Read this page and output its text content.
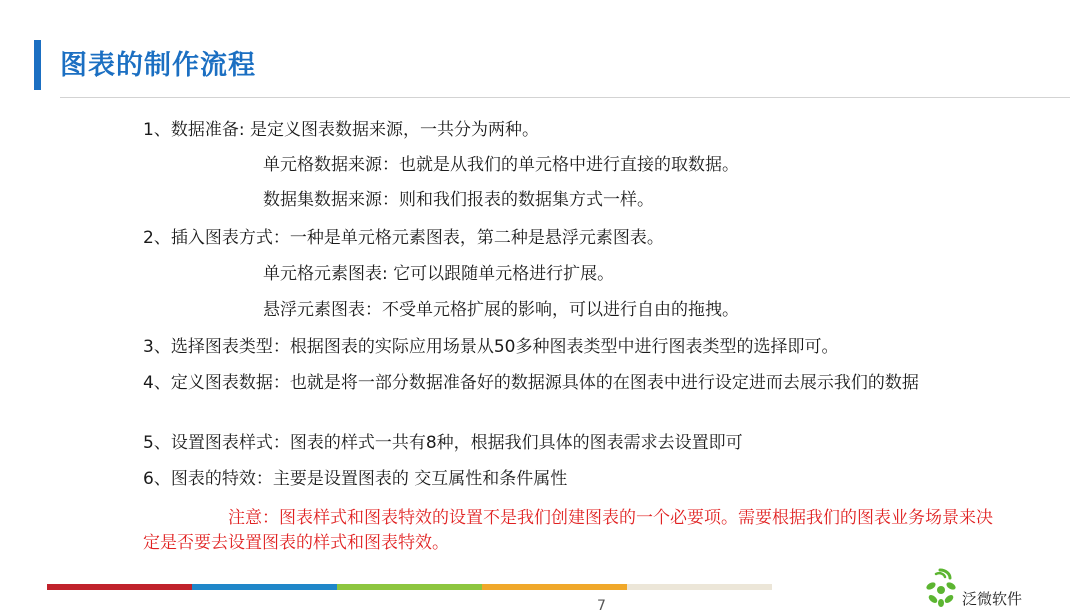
图表的制作流程
1、数据准备: 是定义图表数据来源，一共分为两种。
单元格数据来源：也就是从我们的单元格中进行直接的取数据。
数据集数据来源：则和我们报表的数据集方式一样。
2、插入图表方式：一种是单元格元素图表，第二种是悬浮元素图表。
单元格元素图表: 它可以跟随单元格进行扩展。
悬浮元素图表：不受单元格扩展的影响，可以进行自由的拖拽。
3、选择图表类型：根据图表的实际应用场景从50多种图表类型中进行图表类型的选择即可。
4、定义图表数据：也就是将一部分数据准备好的数据源具体的在图表中进行设定进而去展示我们的数据
5、设置图表样式：图表的样式一共有8种，根据我们具体的图表需求去设置即可
6、图表的特效：主要是设置图表的 交互属性和条件属性
注意：图表样式和图表特效的设置不是我们创建图表的一个必要项。需要根据我们的图表业务场景来决定是否要去设置图表的样式和图表特效。
7	泛微软件
